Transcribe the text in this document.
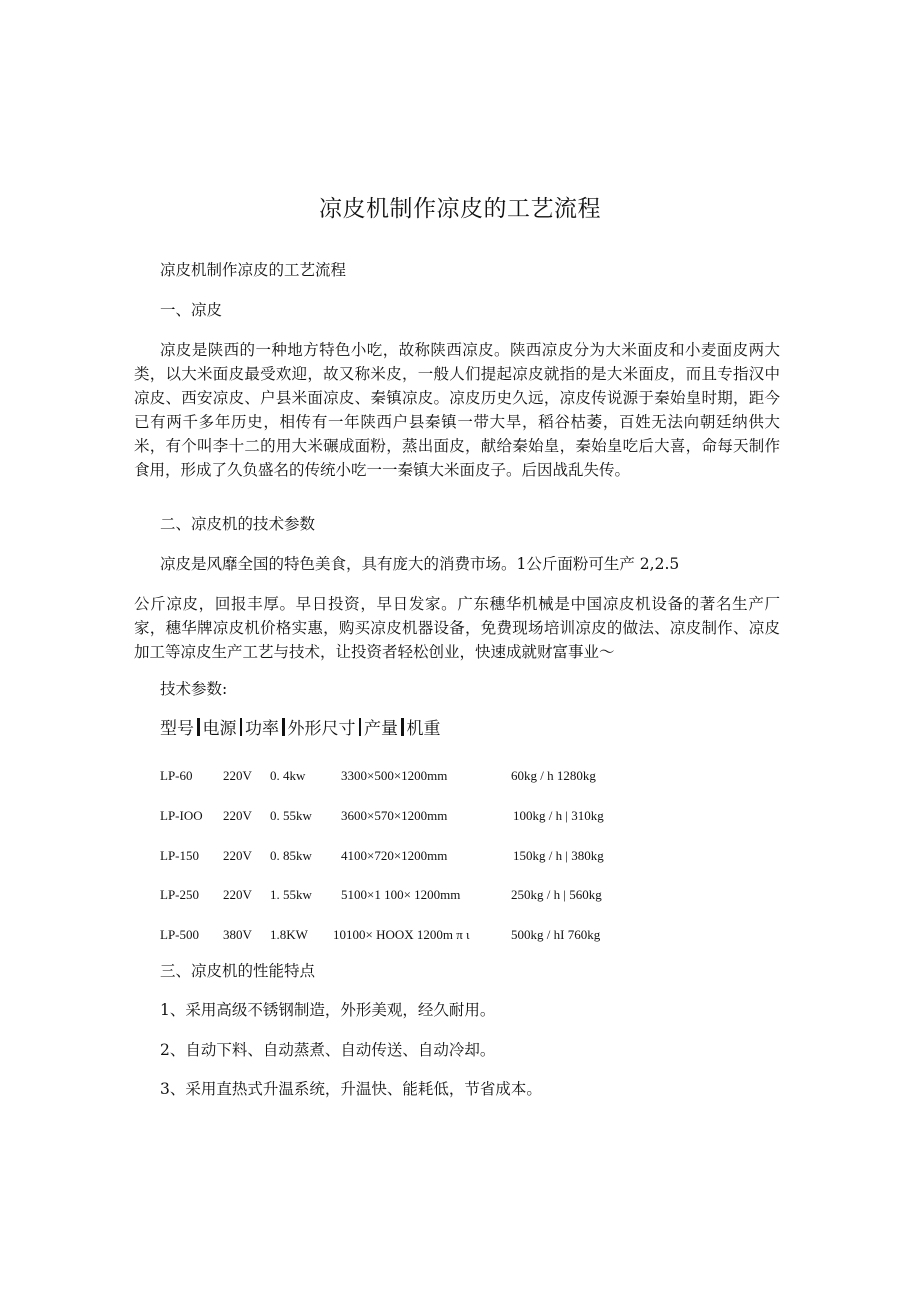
凉皮机制作凉皮的工艺流程

凉皮机制作凉皮的工艺流程

一、凉皮

凉皮是陕西的一种地方特色小吃，故称陕西凉皮。陕西凉皮分为大米面皮和小麦面皮两大类，以大米面皮最受欢迎，故又称米皮，一般人们提起凉皮就指的是大米面皮，而且专指汉中凉皮、西安凉皮、户县米面凉皮、秦镇凉皮。凉皮历史久远，凉皮传说源于秦始皇时期，距今已有两千多年历史，相传有一年陕西户县秦镇一带大旱，稻谷枯萎，百姓无法向朝廷纳供大米，有个叫李十二的用大米碾成面粉，蒸出面皮，献给秦始皇，秦始皇吃后大喜，命每天制作食用，形成了久负盛名的传统小吃一一秦镇大米面皮子。后因战乱失传。

二、凉皮机的技术参数

凉皮是风靡全国的特色美食，具有庞大的消费市场。1公斤面粉可生产 2,2.5

公斤凉皮，回报丰厚。早日投资，早日发家。广东穗华机械是中国凉皮机设备的著名生产厂家，穗华牌凉皮机价格实惠，购买凉皮机器设备，免费现场培训凉皮的做法、凉皮制作、凉皮加工等凉皮生产工艺与技术，让投资者轻松创业，快速成就财富事业～

技术参数:

型号 电源 功率 外形尺寸 产量 机重
LP-60 220V 0. 4kw	3300×500×1200mm	60kg / h 1280kg
LP-IOO 220V 0. 55kw 3600×570×1200mm	100kg / h | 310kg
LP-150 220V 0. 85kw 4100×720×1200mm	150kg / h | 380kg
LP-250 220V 1. 55kw 5100×1 100× 1200mm	250kg / h | 560kg
LP-500 380V 1.8KW 10100× HOOX 1200m π ι	500kg / hI 760kg

三、凉皮机的性能特点

1、采用高级不锈钢制造，外形美观，经久耐用。

2、自动下料、自动蒸煮、自动传送、自动冷却。

3、采用直热式升温系统，升温快、能耗低，节省成本。
